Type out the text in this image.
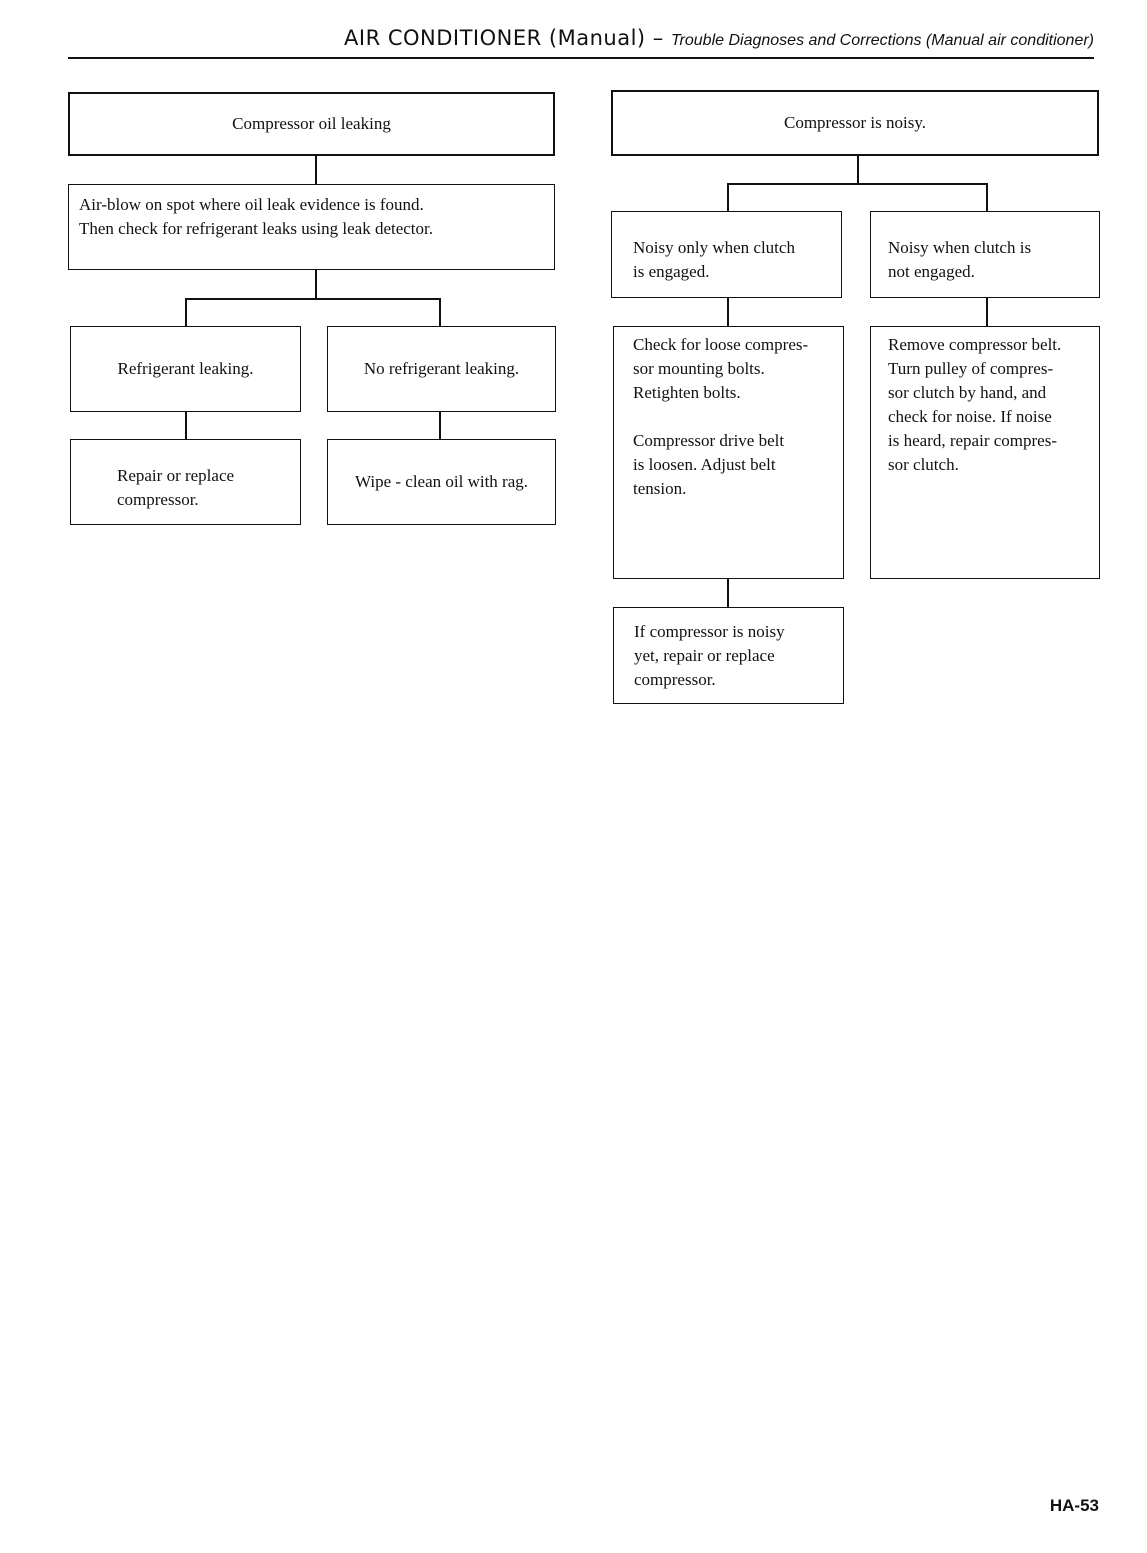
AIR CONDITIONER (Manual) – Trouble Diagnoses and Corrections (Manual air conditioner)
Compressor oil leaking
Air-blow on spot where oil leak evidence is found.
Then check for refrigerant leaks using leak detector.
Refrigerant leaking.	No refrigerant leaking.
Repair or replace
compressor.
Wipe - clean oil with rag.
Compressor is noisy.
Noisy only when clutch
is engaged.
Noisy when clutch is
not engaged.
Check for loose compres-
sor mounting bolts.
Retighten bolts.

Compressor drive belt
is loosen. Adjust belt
tension.
Remove compressor belt.
Turn pulley of compres-
sor clutch by hand, and
check for noise. If noise
is heard, repair compres-
sor clutch.
If compressor is noisy
yet, repair or replace
compressor.
HA-53
